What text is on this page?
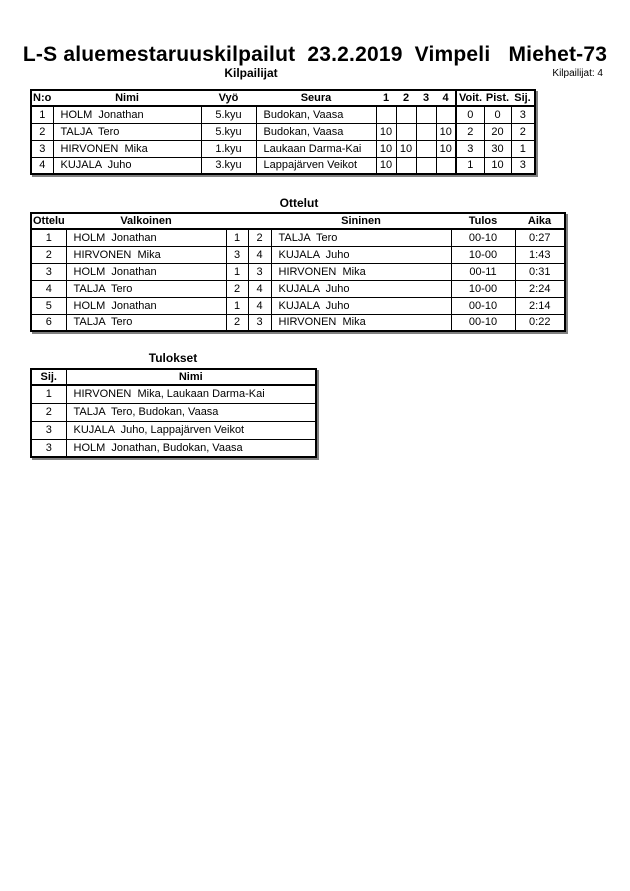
L-S aluemestaruuskilpailut  23.2.2019  Vimpeli   Miehet-73
Kilpailijat	Kilpailijat: 4
N:o	Nimi	Vyö	Seura	1	2	3	4	Voit.	Pist.	Sij.
1	HOLM  Jonathan	5.kyu	Budokan, Vaasa					0	0	3
2	TALJA  Tero	5.kyu	Budokan, Vaasa	10			10	2	20	2
3	HIRVONEN  Mika	1.kyu	Laukaan Darma-Kai	10	10		10	3	30	1
4	KUJALA  Juho	3.kyu	Lappajärven Veikot	10				1	10	3
Ottelut
Ottelu	Valkoinen			Sininen	Tulos	Aika
1	HOLM  Jonathan	1	2	TALJA  Tero	00-10	0:27
2	HIRVONEN  Mika	3	4	KUJALA  Juho	10-00	1:43
3	HOLM  Jonathan	1	3	HIRVONEN  Mika	00-11	0:31
4	TALJA  Tero	2	4	KUJALA  Juho	10-00	2:24
5	HOLM  Jonathan	1	4	KUJALA  Juho	00-10	2:14
6	TALJA  Tero	2	3	HIRVONEN  Mika	00-10	0:22
Tulokset
Sij.	Nimi
1	HIRVONEN  Mika, Laukaan Darma-Kai
2	TALJA  Tero, Budokan, Vaasa
3	KUJALA  Juho, Lappajärven Veikot
3	HOLM  Jonathan, Budokan, Vaasa
